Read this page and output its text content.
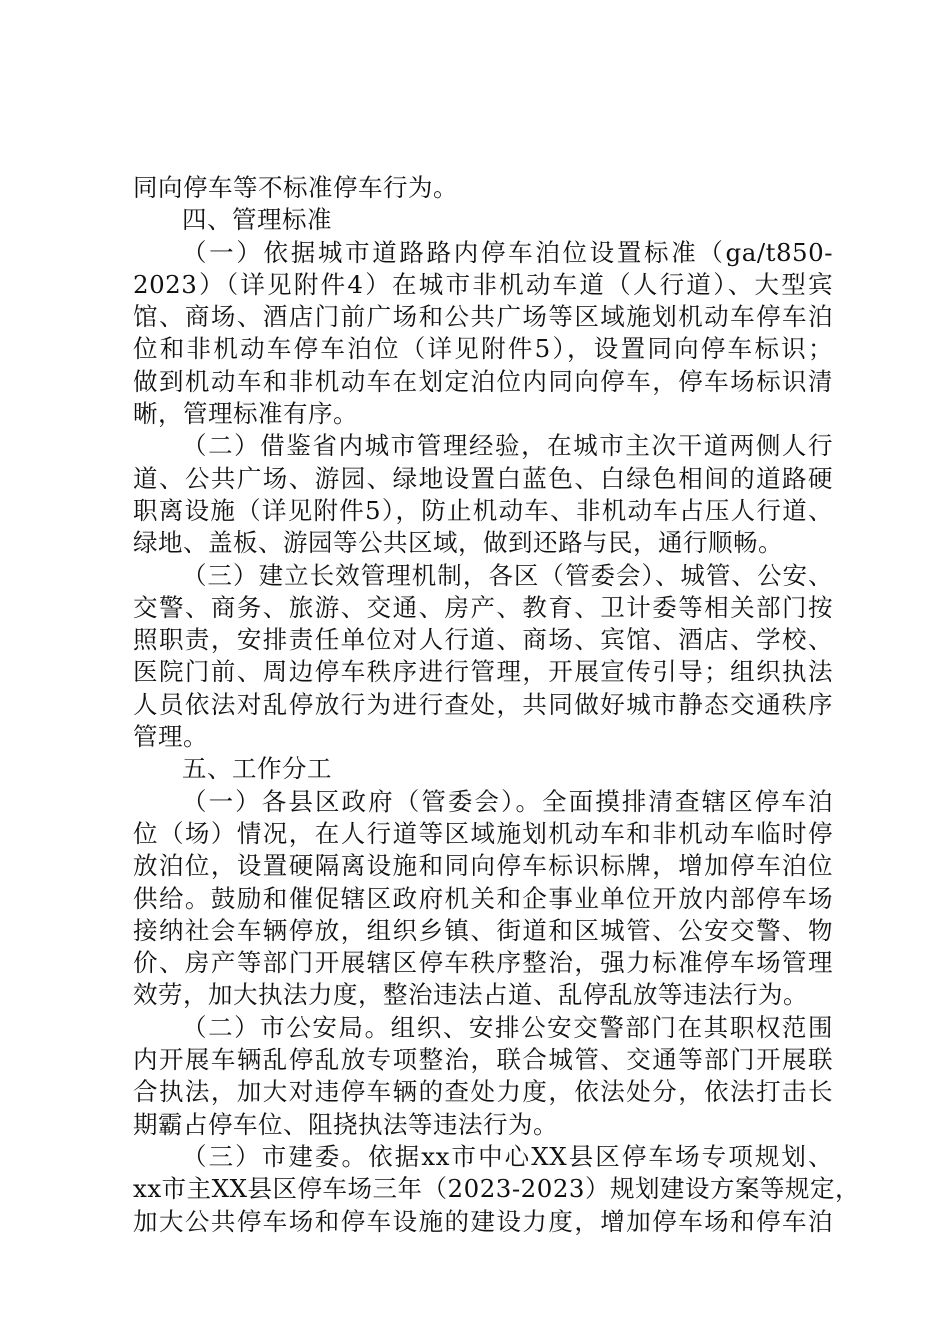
同向停车等不标准停车行为。
四、管理标准
（一）依据城市道路路内停车泊位设置标准（ga/t850-
2023）（详见附件4）在城市非机动车道（人行道）、大型宾
馆、商场、酒店门前广场和公共广场等区域施划机动车停车泊
位和非机动车停车泊位（详见附件5），设置同向停车标识；
做到机动车和非机动车在划定泊位内同向停车，停车场标识清
晰，管理标准有序。
（二）借鉴省内城市管理经验，在城市主次干道两侧人行
道、公共广场、游园、绿地设置白蓝色、白绿色相间的道路硬
职离设施（详见附件5），防止机动车、非机动车占压人行道、
绿地、盖板、游园等公共区域，做到还路与民，通行顺畅。
（三）建立长效管理机制，各区（管委会）、城管、公安、
交警、商务、旅游、交通、房产、教育、卫计委等相关部门按
照职责，安排责任单位对人行道、商场、宾馆、酒店、学校、
医院门前、周边停车秩序进行管理，开展宣传引导；组织执法
人员依法对乱停放行为进行查处，共同做好城市静态交通秩序
管理。
五、工作分工
（一）各县区政府（管委会）。全面摸排清查辖区停车泊
位（场）情况，在人行道等区域施划机动车和非机动车临时停
放泊位，设置硬隔离设施和同向停车标识标牌，增加停车泊位
供给。鼓励和催促辖区政府机关和企事业单位开放内部停车场
接纳社会车辆停放，组织乡镇、街道和区城管、公安交警、物
价、房产等部门开展辖区停车秩序整治，强力标准停车场管理
效劳，加大执法力度，整治违法占道、乱停乱放等违法行为。
（二）市公安局。组织、安排公安交警部门在其职权范围
内开展车辆乱停乱放专项整治，联合城管、交通等部门开展联
合执法，加大对违停车辆的查处力度，依法处分，依法打击长
期霸占停车位、阻挠执法等违法行为。
（三）市建委。依据xx市中心XX县区停车场专项规划、
xx市主XX县区停车场三年（2023-2023）规划建设方案等规定，
加大公共停车场和停车设施的建设力度，增加停车场和停车泊
